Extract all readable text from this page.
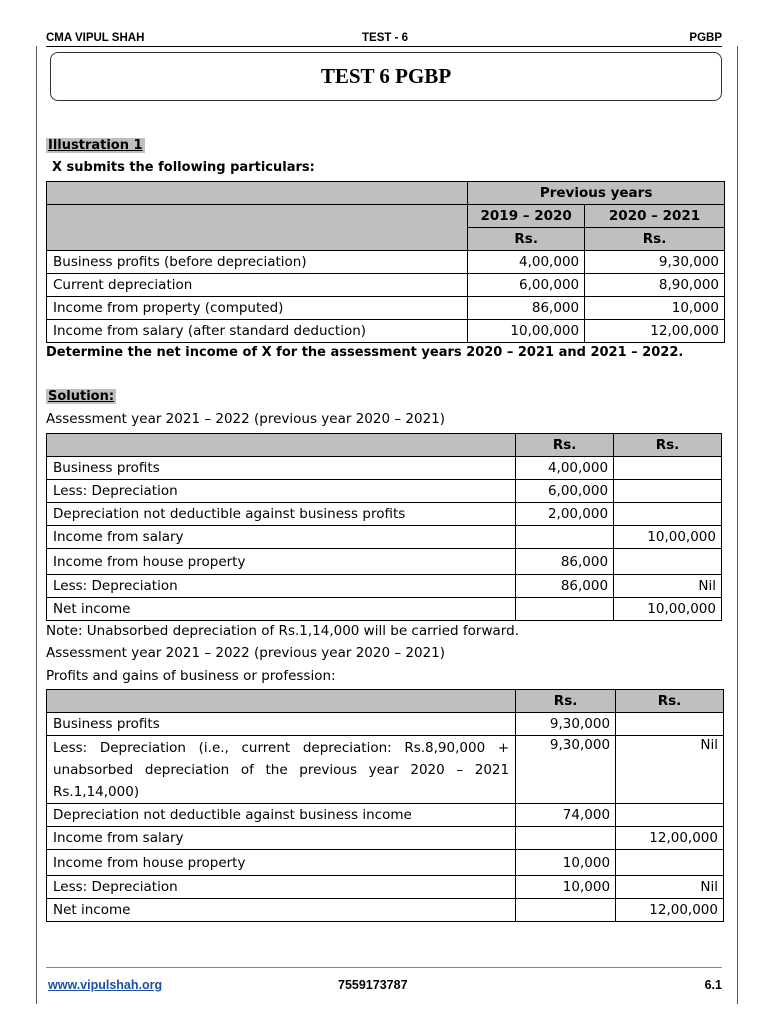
CMA VIPUL SHAH	TEST - 6	PGBP
TEST 6 PGBP
Illustration 1
X submits the following particulars:
	Previous years	
	2019 – 2020	2020 – 2021
	Rs.	Rs.
Business profits (before depreciation)	4,00,000	9,30,000
Current depreciation	6,00,000	8,90,000
Income from property (computed)	86,000	10,000
Income from salary (after standard deduction)	10,00,000	12,00,000
Determine the net income of X for the assessment years 2020 – 2021 and 2021 – 2022.
Solution:
Assessment year 2021 – 2022 (previous year 2020 – 2021)
	Rs.	Rs.
Business profits	4,00,000	
Less: Depreciation	6,00,000	
Depreciation not deductible against business profits	2,00,000	
Income from salary		10,00,000
Income from house property	86,000	
Less: Depreciation	86,000	Nil
Net income		10,00,000
Note: Unabsorbed depreciation of Rs.1,14,000 will be carried forward.
Assessment year 2021 – 2022 (previous year 2020 – 2021)
Profits and gains of business or profession:
	Rs.	Rs.
Business profits	9,30,000	
Less: Depreciation (i.e., current depreciation: Rs.8,90,000 + unabsorbed depreciation of the previous year 2020 – 2021 Rs.1,14,000)	9,30,000	Nil
Depreciation not deductible against business income	74,000	
Income from salary		12,00,000
Income from house property	10,000	
Less: Depreciation	10,000	Nil
Net income		12,00,000
www.vipulshah.org	7559173787	6.1
